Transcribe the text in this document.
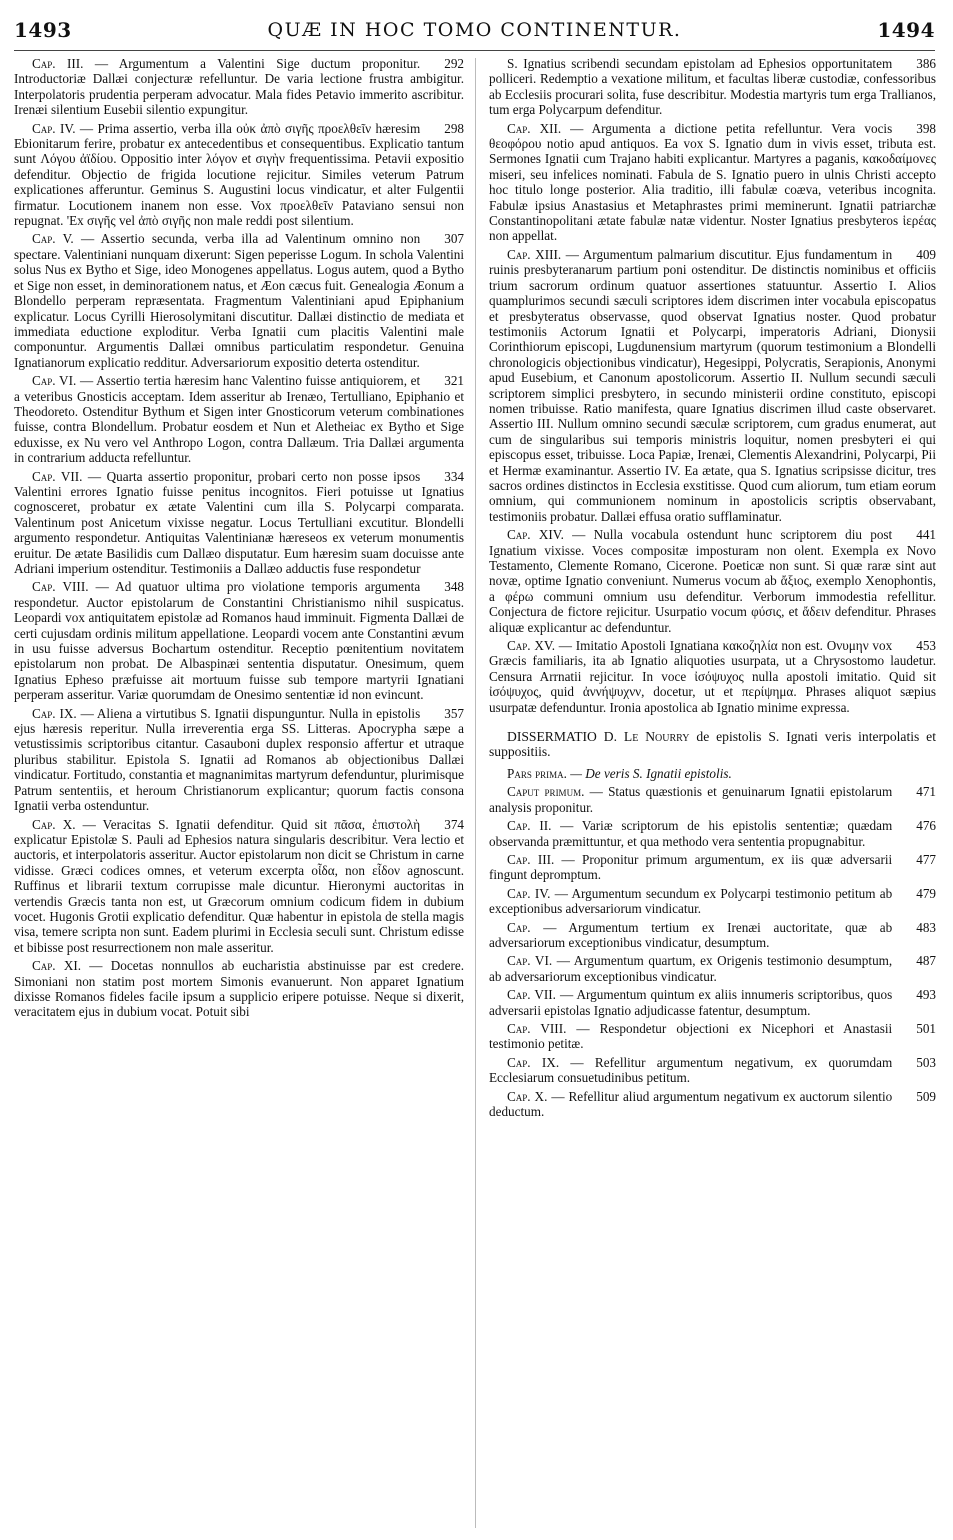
1493	QUÆ IN HOC TOMO CONTINENTUR.	1494

292
Cap. III. — Argumentum a Valentini Sige ductum proponitur. Introductoriæ Dallæi conjecturæ refelluntur. De varia lectione frustra ambigitur. Interpolatoris prudentia perperam advocatur. Mala fides Petavio immerito ascribitur. Irenæi silentium Eusebii silentio expungitur.

298
Cap. IV. — Prima assertio, verba illa οὐκ ἀπὸ σιγῆς προελθεῖν hæresim Ebionitarum ferire, probatur ex antecedentibus et consequentibus. Explicatio tantum sunt Λόγου ἀϊδίου. Oppositio inter λόγον et σιγὴν frequentissima. Petavii expositio defenditur. Objectio de frigida locutione rejicitur. Similes veterum Patrum explicationes afferuntur. Geminus S. Augustini locus vindicatur, et alter Fulgentii firmatur. Locutionem inanem non esse. Vox προελθεῖν Pataviano sensui non repugnat. 'Ex σιγῆς vel ἀπὸ σιγῆς non male reddi post silentium.

307
Cap. V. — Assertio secunda, verba illa ad Valentinum omnino non spectare. Valentiniani nunquam dixerunt: Sigen peperisse Logum. In schola Valentini solus Nus ex Bytho et Sige, ideo Monogenes appellatus. Logus autem, quod a Bytho et Sige non esset, in deminorationem natus, et Æon cæcus fuit. Genealogia Æonum a Blondello perperam repræsentata. Fragmentum Valentiniani apud Epiphanium explicatur. Locus Cyrilli Hierosolymitani discutitur. Dallæi distinctio de mediata et immediata eductione exploditur. Verba Ignatii cum placitis Valentini male componuntur. Argumentis Dallæi omnibus particulatim respondetur. Genuina Ignatianorum explicatio redditur. Adversariorum expositio deterta ostenditur.

321
Cap. VI. — Assertio tertia hæresim hanc Valentino fuisse antiquiorem, et a veteribus Gnosticis acceptam. Idem asseritur ab Irenæo, Tertulliano, Epiphanio et Theodoreto. Ostenditur Bythum et Sigen inter Gnosticorum veterum combinationes fuisse, contra Blondellum. Probatur eosdem et Nun et Aletheiac ex Bytho et Sige eduxisse, ex Nu vero vel Anthropo Logon, contra Dallæum. Tria Dallæi argumenta in contrarium adducta refelluntur.

334
Cap. VII. — Quarta assertio proponitur, probari certo non posse ipsos Valentini errores Ignatio fuisse penitus incognitos. Fieri potuisse ut Ignatius cognosceret, probatur ex ætate Valentini cum illa S. Polycarpi comparata. Valentinum post Anicetum vixisse negatur. Locus Tertulliani excutitur. Blondelli argumento respondetur. Antiquitas Valentinianæ hæreseos ex veterum monumentis eruitur. De ætate Basilidis cum Dallæo disputatur. Eum hæresim suam docuisse ante Adriani imperium ostenditur. Testimoniis a Dallæo adductis fuse respondetur

348
Cap. VIII. — Ad quatuor ultima pro violatione temporis argumenta respondetur. Auctor epistolarum de Constantini Christianismo nihil suspicatus. Leopardi vox antiquitatem epistolæ ad Romanos haud imminuit. Figmenta Dallæi de certi cujusdam ordinis militum appellatione. Leopardi vocem ante Constantini ævum in usu fuisse adversus Bochartum ostenditur. Receptio pœnitentium novitatem epistolarum non probat. De Albaspinæi sententia disputatur. Onesimum, quem Ignatius Epheso præfuisse ait mortuum fuisse sub tempore martyrii Ignatiani perperam asseritur. Variæ quorumdam de Onesimo sententiæ id non evincunt.

357
Cap. IX. — Aliena a virtutibus S. Ignatii dispunguntur. Nulla in epistolis ejus hæresis reperitur. Nulla irreverentia erga SS. Litteras. Apocrypha sæpe a vetustissimis scriptoribus citantur. Casauboni duplex responsio affertur et utraque pluribus stabilitur. Epistola S. Ignatii ad Romanos ab objectionibus Dallæi vindicatur. Fortitudo, constantia et magnanimitas martyrum defenduntur, plurimisque Patrum sententiis, et heroum Christianorum explicantur; quorum factis consona Ignatii verba ostenduntur.

374
Cap. X. — Veracitas S. Ignatii defenditur. Quid sit πᾶσα, ἐπιστολὴ explicatur Epistolæ S. Pauli ad Ephesios natura singularis describitur. Vera lectio et auctoris, et interpolatoris asseritur. Auctor epistolarum non dicit se Christum in carne vidisse. Græci codices omnes, et veterum excerpta οἶδα, non εἶδον agnoscunt. Ruffinus et librarii textum corrupisse male dicuntur. Hieronymi auctoritas in vertendis Græcis tanta non est, ut Græcorum omnium codicum fidem in dubium vocet. Hugonis Grotii explicatio defenditur. Quæ habentur in epistola de stella magis visa, temere scripta non sunt. Eadem plurimi in Ecclesia seculi sunt. Christum edisse et bibisse post resurrectionem non male asseritur.

Cap. XI. — Docetas nonnullos ab eucharistia abstinuisse par est credere. Simoniani non statim post mortem Simonis evanuerunt. Non apparet Ignatium dixisse Romanos fideles facile ipsum a supplicio eripere potuisse. Neque si dixerit, veracitatem ejus in dubium vocat. Potuit sibi

386
S. Ignatius scribendi secundam epistolam ad Ephesios opportunitatem polliceri. Redemptio a vexatione militum, et facultas liberæ custodiæ, confessoribus ab Ecclesiis procurari solita, fuse describitur. Modestia martyris tum erga Trallianos, tum erga Polycarpum defenditur.

398
Cap. XII. — Argumenta a dictione petita refelluntur. Vera vocis θεοφόρου notio apud antiquos. Ea vox S. Ignatio dum in vivis esset, tributa est. Sermones Ignatii cum Trajano habiti explicantur. Martyres a paganis, κακοδαίμονες miseri, seu infelices nominati. Fabula de S. Ignatio puero in ulnis Christi accepto hoc titulo longe posterior. Alia traditio, illi fabulæ coæva, veteribus incognita. Fabulæ ipsius Anastasius et Metaphrastes primi meminerunt. Ignatii patriarchæ Constantinopolitani ætate fabulæ natæ videntur. Noster Ignatius presbyteros ἱερέας non appellat.

409
Cap. XIII. — Argumentum palmarium discutitur. Ejus fundamentum in ruinis presbyteranarum partium poni ostenditur. De distinctis nominibus et officiis trium sacrorum ordinum quatuor assertiones statuuntur. Assertio I. Alios quamplurimos secundi sæculi scriptores idem discrimen inter vocabula episcopatus et presbyteratus observasse, quod observat Ignatius noster. Quod probatur testimoniis Actorum Ignatii et Polycarpi, imperatoris Adriani, Dionysii Corinthiorum episcopi, Lugdunensium martyrum (quorum testimonium a Blondelli chronologicis objectionibus vindicatur), Hegesippi, Polycratis, Serapionis, Anonymi apud Eusebium, et Canonum apostolicorum. Assertio II. Nullum secundi sæculi scriptorem simplici presbytero, in secundo ministerii ordine constituto, episcopi nomen tribuisse. Ratio manifesta, quare Ignatius discrimen illud caste observaret. Assertio III. Nullum omnino secundi sæculæ scriptorem, cum gradus enumerat, aut cum de singularibus sui temporis ministris loquitur, nomen presbyteri ei qui episcopus esset, tribuisse. Loca Papiæ, Irenæi, Clementis Alexandrini, Polycarpi, Pii et Hermæ examinantur. Assertio IV. Ea ætate, qua S. Ignatius scripsisse dicitur, tres sacros ordines distinctos in Ecclesia exstitisse. Quod cum aliorum, tum etiam eorum omnium, qui communionem nominum in apostolicis scriptis observabant, testimoniis probatur. Dallæi effusa oratio sufflaminatur.

441
Cap. XIV. — Nulla vocabula ostendunt hunc scriptorem diu post Ignatium vixisse. Voces compositæ imposturam non olent. Exempla ex Novo Testamento, Clemente Romano, Cicerone. Poeticæ non sunt. Si quæ raræ sint aut novæ, optime Ignatio conveniunt. Numerus vocum ab ἄξιος, exemplo Xenophontis, a φέρω communi omnium usu defenditur. Verborum immodestia refellitur. Conjectura de fictore rejicitur. Usurpatio vocum φύσις, et ἄδειν defenditur. Phrases aliquæ explicantur ac defenduntur.

453
Cap. XV. — Imitatio Apostoli Ignatiana κακοζηλία non est. Ονυμην vox Græcis familiaris, ita ab Ignatio aliquoties usurpata, ut a Chrysostomo laudetur. Censura Arrnatii rejicitur. In voce ἰσόψυχος nulla apostoli imitatio. Quid sit ἰσόψυχος, quid ἀννήψυχνν, docetur, ut et περίψημα. Phrases aliquot sæpius usurpatæ defenduntur. Ironia apostolica ab Ignatio minime expressa.

DISSERMATIO D. Le Nourry de epistolis S. Ignati veris interpolatis et suppositiis.
Pars prima. — De veris S. Ignatii epistolis.

471
Caput primum. — Status quæstionis et genuinarum Ignatii epistolarum analysis proponitur.

476
Cap. II. — Variæ scriptorum de his epistolis sententiæ; quædam observanda præmittuntur, et qua methodo vera sententia propugnabitur.

477
Cap. III. — Proponitur primum argumentum, ex iis quæ adversarii fingunt depromptum.

479
Cap. IV. — Argumentum secundum ex Polycarpi testimonio petitum ab exceptionibus adversariorum vindicatur.

483
Cap. — Argumentum tertium ex Irenæi auctoritate, quæ ab adversariorum exceptionibus vindicatur, desumptum.

487
Cap. VI. — Argumentum quartum, ex Origenis testimonio desumptum, ab adversariorum exceptionibus vindicatur.

493
Cap. VII. — Argumentum quintum ex aliis innumeris scriptoribus, quos adversarii epistolas Ignatio adjudicasse fatentur, desumptum.

501
Cap. VIII. — Respondetur objectioni ex Nicephori et Anastasii testimonio petitæ.

503
Cap. IX. — Refellitur argumentum negativum, ex quorumdam Ecclesiarum consuetudinibus petitum.

509
Cap. X. — Refellitur aliud argumentum negativum ex auctorum silentio deductum.
